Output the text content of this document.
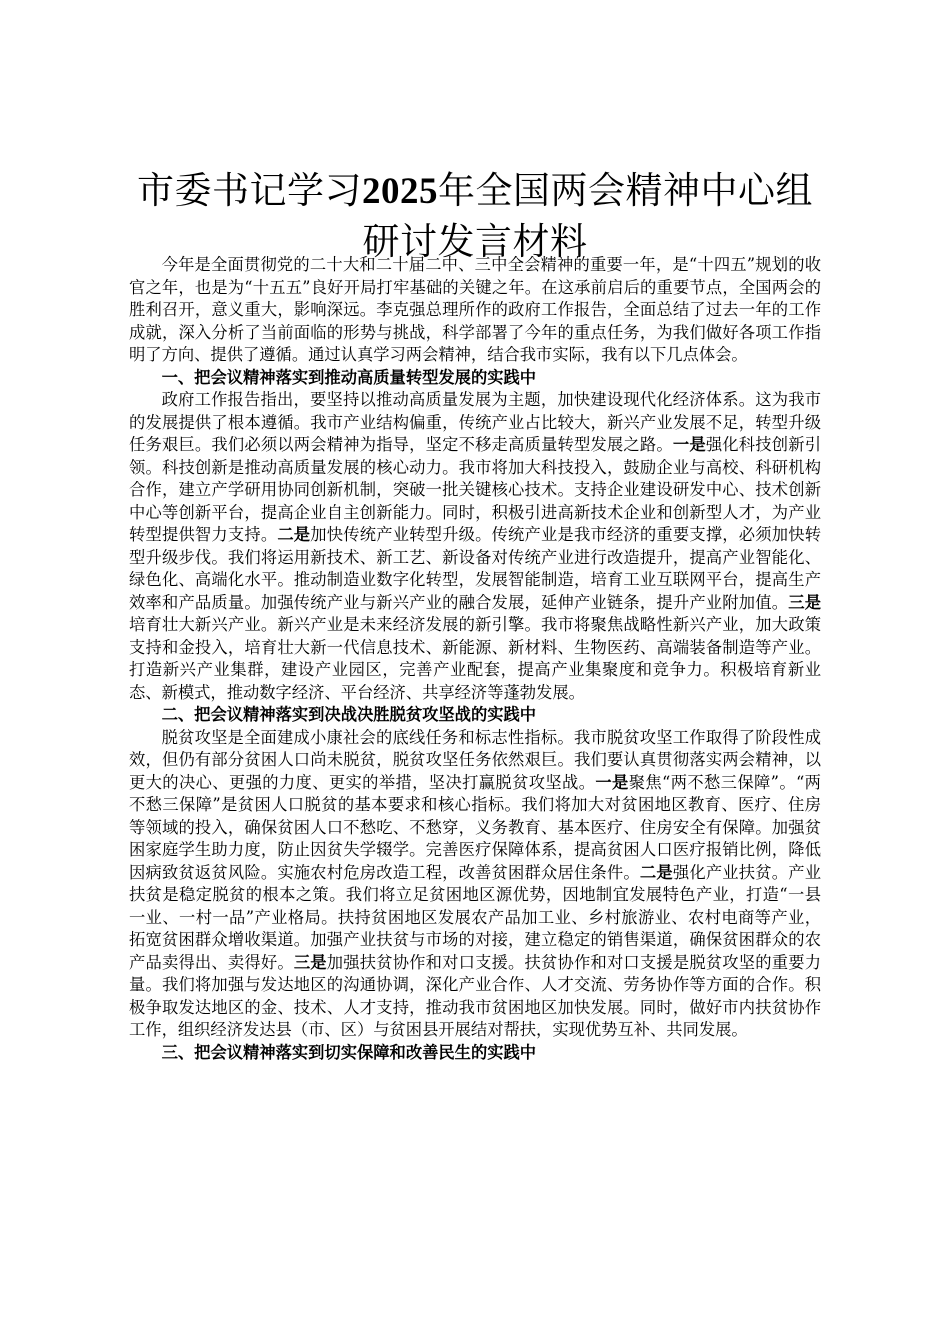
市委书记学习2025年全国两会精神中心组研讨发言材料

今年是全面贯彻党的二十大和二十届二中、三中全会精神的重要一年，是“十四五”规划的收官之年，也是为“十五五”良好开局打牢基础的关键之年。在这承前启后的重要节点，全国两会的胜利召开，意义重大，影响深远。李克强总理所作的政府工作报告，全面总结了过去一年的工作成就，深入分析了当前面临的形势与挑战，科学部署了今年的重点任务，为我们做好各项工作指明了方向、提供了遵循。通过认真学习两会精神，结合我市实际，我有以下几点体会。

一、把会议精神落实到推动高质量转型发展的实践中

政府工作报告指出，要坚持以推动高质量发展为主题，加快建设现代化经济体系。这为我市的发展提供了根本遵循。我市产业结构偏重，传统产业占比较大，新兴产业发展不足，转型升级任务艰巨。我们必须以两会精神为指导，坚定不移走高质量转型发展之路。一是强化科技创新引领。科技创新是推动高质量发展的核心动力。我市将加大科技投入，鼓励企业与高校、科研机构合作，建立产学研用协同创新机制，突破一批关键核心技术。支持企业建设研发中心、技术创新中心等创新平台，提高企业自主创新能力。同时，积极引进高新技术企业和创新型人才，为产业转型提供智力支持。二是加快传统产业转型升级。传统产业是我市经济的重要支撑，必须加快转型升级步伐。我们将运用新技术、新工艺、新设备对传统产业进行改造提升，提高产业智能化、绿色化、高端化水平。推动制造业数字化转型，发展智能制造，培育工业互联网平台，提高生产效率和产品质量。加强传统产业与新兴产业的融合发展，延伸产业链条，提升产业附加值。三是培育壮大新兴产业。新兴产业是未来经济发展的新引擎。我市将聚焦战略性新兴产业，加大政策支持和金投入，培育壮大新一代信息技术、新能源、新材料、生物医药、高端装备制造等产业。打造新兴产业集群，建设产业园区，完善产业配套，提高产业集聚度和竞争力。积极培育新业态、新模式，推动数字经济、平台经济、共享经济等蓬勃发展。

二、把会议精神落实到决战决胜脱贫攻坚战的实践中

脱贫攻坚是全面建成小康社会的底线任务和标志性指标。我市脱贫攻坚工作取得了阶段性成效，但仍有部分贫困人口尚未脱贫，脱贫攻坚任务依然艰巨。我们要认真贯彻落实两会精神，以更大的决心、更强的力度、更实的举措，坚决打赢脱贫攻坚战。一是聚焦“两不愁三保障”。“两不愁三保障”是贫困人口脱贫的基本要求和核心指标。我们将加大对贫困地区教育、医疗、住房等领域的投入，确保贫困人口不愁吃、不愁穿，义务教育、基本医疗、住房安全有保障。加强贫困家庭学生助力度，防止因贫失学辍学。完善医疗保障体系，提高贫困人口医疗报销比例，降低因病致贫返贫风险。实施农村危房改造工程，改善贫困群众居住条件。二是强化产业扶贫。产业扶贫是稳定脱贫的根本之策。我们将立足贫困地区源优势，因地制宜发展特色产业，打造“一县一业、一村一品”产业格局。扶持贫困地区发展农产品加工业、乡村旅游业、农村电商等产业，拓宽贫困群众增收渠道。加强产业扶贫与市场的对接，建立稳定的销售渠道，确保贫困群众的农产品卖得出、卖得好。三是加强扶贫协作和对口支援。扶贫协作和对口支援是脱贫攻坚的重要力量。我们将加强与发达地区的沟通协调，深化产业合作、人才交流、劳务协作等方面的合作。积极争取发达地区的金、技术、人才支持，推动我市贫困地区加快发展。同时，做好市内扶贫协作工作，组织经济发达县（市、区）与贫困县开展结对帮扶，实现优势互补、共同发展。

三、把会议精神落实到切实保障和改善民生的实践中
